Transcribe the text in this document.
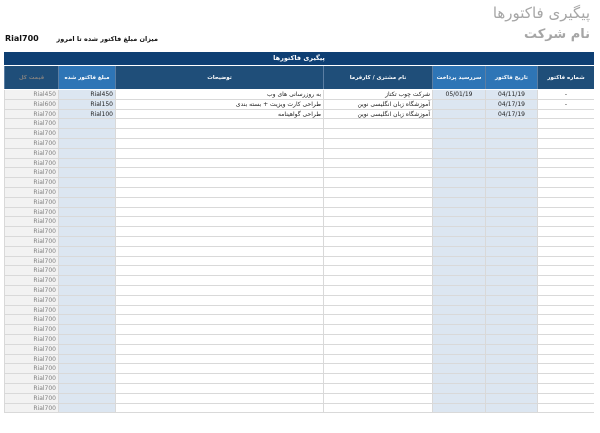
پیگیری فاکتورها
نام شرکت
میزان مبلغ فاکتور شده تا امروز
Rial700
پیگیری فاکتورها
شماره فاکتور
تاریخ فاکتور
سررسید پرداخت
نام مشتری / کارفرما
توضیحات
مبلغ فاکتور شده
قیمت کل
-
04/11/19
05/01/19
شرکت چوب تکتاز
به روزرسانی های وب
Rial450
Rial450
-
04/17/19
آموزشگاه زبان انگلیسی نوین
طراحی کارت ویزیت + بسته بندی
Rial150
Rial600
04/17/19
آموزشگاه زبان انگلیسی نوین
طراحی گواهینامه
Rial100
Rial700
Rial700
Rial700
Rial700
Rial700
Rial700
Rial700
Rial700
Rial700
Rial700
Rial700
Rial700
Rial700
Rial700
Rial700
Rial700
Rial700
Rial700
Rial700
Rial700
Rial700
Rial700
Rial700
Rial700
Rial700
Rial700
Rial700
Rial700
Rial700
Rial700
Rial700
